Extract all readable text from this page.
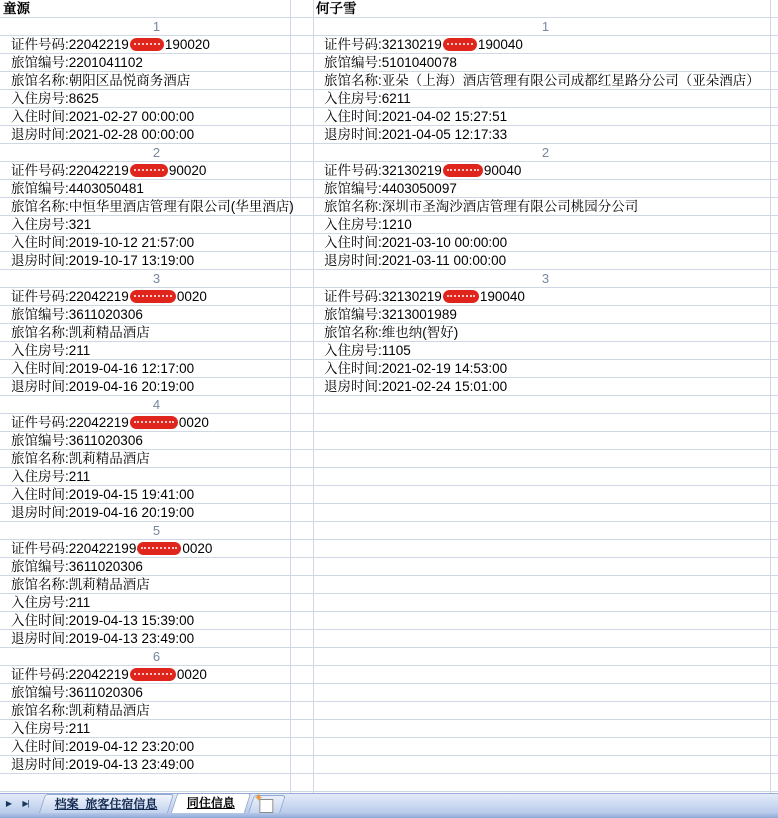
童源
1
证件号码:22042219	190020
旅馆编号:2201041102
旅馆名称:朝阳区品悦商务酒店
入住房号:8625
入住时间:2021-02-27 00:00:00
退房时间:2021-02-28 00:00:00
2
证件号码:22042219	90020
旅馆编号:4403050481
旅馆名称:中恒华里酒店管理有限公司(华里酒店)
入住房号:321
入住时间:2019-10-12 21:57:00
退房时间:2019-10-17 13:19:00
3
证件号码:22042219	0020
旅馆编号:3611020306
旅馆名称:凯莉精品酒店
入住房号:211
入住时间:2019-04-16 12:17:00
退房时间:2019-04-16 20:19:00
4
证件号码:22042219	0020
旅馆编号:3611020306
旅馆名称:凯莉精品酒店
入住房号:211
入住时间:2019-04-15 19:41:00
退房时间:2019-04-16 20:19:00
5
证件号码:220422199	0020
旅馆编号:3611020306
旅馆名称:凯莉精品酒店
入住房号:211
入住时间:2019-04-13 15:39:00
退房时间:2019-04-13 23:49:00
6
证件号码:22042219	0020
旅馆编号:3611020306
旅馆名称:凯莉精品酒店
入住房号:211
入住时间:2019-04-12 23:20:00
退房时间:2019-04-13 23:49:00
何子雪
1
证件号码:32130219	190040
旅馆编号:5101040078
旅馆名称:亚朵（上海）酒店管理有限公司成都红星路分公司（亚朵酒店）
入住房号:6211
入住时间:2021-04-02 15:27:51
退房时间:2021-04-05 12:17:33
2
证件号码:32130219	90040
旅馆编号:4403050097
旅馆名称:深圳市圣淘沙酒店管理有限公司桃园分公司
入住房号:1210
入住时间:2021-03-10 00:00:00
退房时间:2021-03-11 00:00:00
3
证件号码:32130219	190040
旅馆编号:3213001989
旅馆名称:维也纳(智好)
入住房号:1105
入住时间:2021-02-19 14:53:00
退房时间:2021-02-24 15:01:00
▶	▶|	档案_旅客住宿信息	同住信息	✦
